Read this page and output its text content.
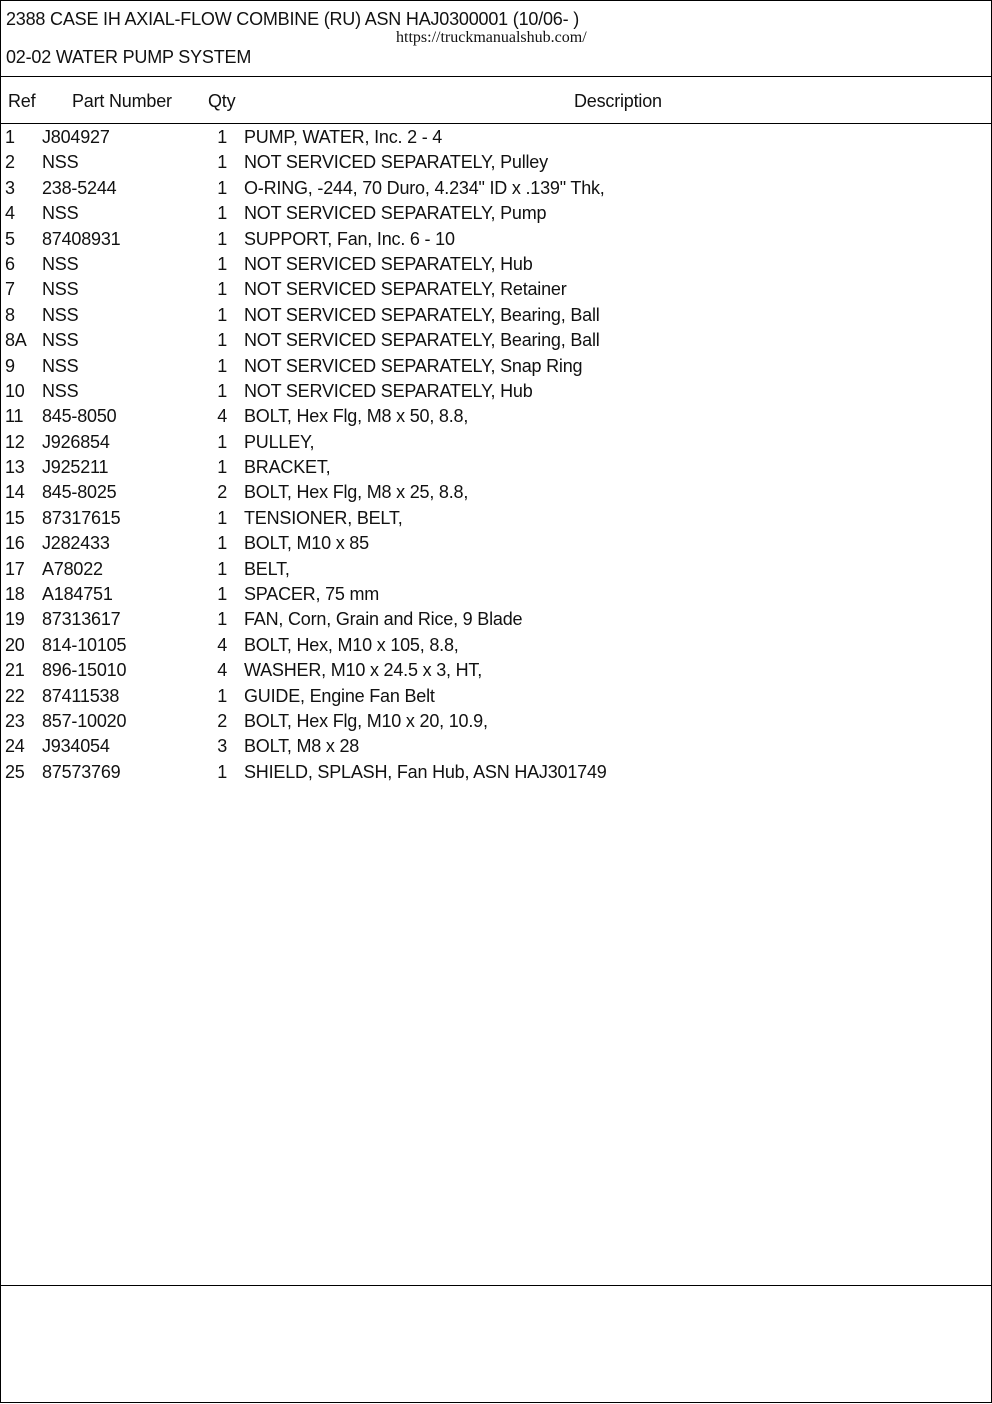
2388 CASE IH AXIAL-FLOW COMBINE (RU) ASN HAJ0300001 (10/06- )
https://truckmanualshub.com/
02-02 WATER PUMP SYSTEM
Ref Part Number Qty	Description
1 J804927	1 PUMP, WATER, Inc. 2 - 4
2 NSS	1 NOT SERVICED SEPARATELY, Pulley
3 238-5244	1 O-RING, -244, 70 Duro, 4.234" ID x .139" Thk,
4 NSS	1 NOT SERVICED SEPARATELY, Pump
5 87408931	1 SUPPORT, Fan, Inc. 6 - 10
6 NSS	1 NOT SERVICED SEPARATELY, Hub
7 NSS	1 NOT SERVICED SEPARATELY, Retainer
8 NSS	1 NOT SERVICED SEPARATELY, Bearing, Ball
8A NSS	1 NOT SERVICED SEPARATELY, Bearing, Ball
9 NSS	1 NOT SERVICED SEPARATELY, Snap Ring
10 NSS	1 NOT SERVICED SEPARATELY, Hub
11 845-8050	4 BOLT, Hex Flg, M8 x 50, 8.8,
12 J926854	1 PULLEY,
13 J925211	1 BRACKET,
14 845-8025	2 BOLT, Hex Flg, M8 x 25, 8.8,
15 87317615	1 TENSIONER, BELT,
16 J282433	1 BOLT, M10 x 85
17 A78022	1 BELT,
18 A184751	1 SPACER, 75 mm
19 87313617	1 FAN, Corn, Grain and Rice, 9 Blade
20 814-10105	4 BOLT, Hex, M10 x 105, 8.8,
21 896-15010	4 WASHER, M10 x 24.5 x 3, HT,
22 87411538	1 GUIDE, Engine Fan Belt
23 857-10020	2 BOLT, Hex Flg, M10 x 20, 10.9,
24 J934054	3 BOLT, M8 x 28
25 87573769	1 SHIELD, SPLASH, Fan Hub, ASN HAJ301749
